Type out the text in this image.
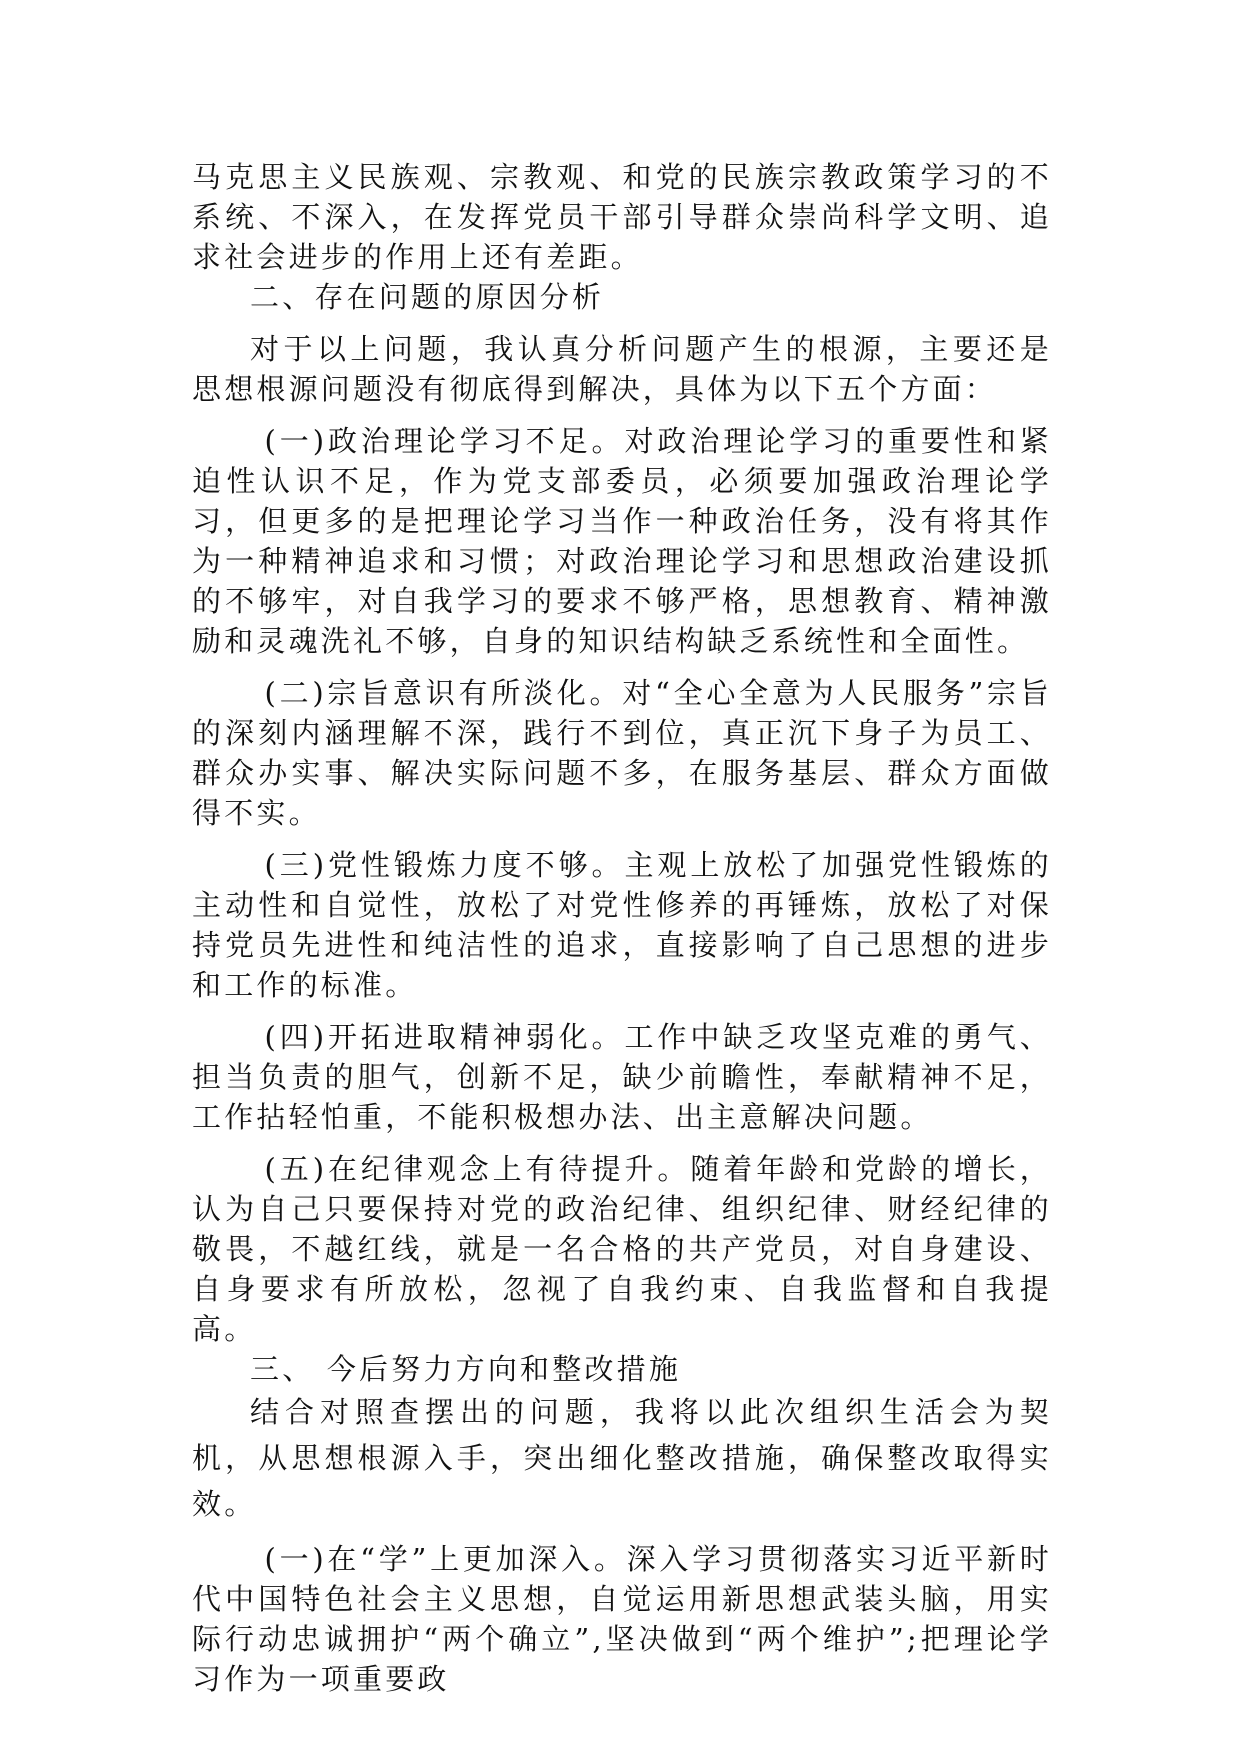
马克思主义民族观、宗教观、和党的民族宗教政策学习的不系统、不深入，在发挥党员干部引导群众崇尚科学文明、追求社会进步的作用上还有差距。

二、存在问题的原因分析

对于以上问题，我认真分析问题产生的根源，主要还是思想根源问题没有彻底得到解决，具体为以下五个方面：

(一)政治理论学习不足。对政治理论学习的重要性和紧迫性认识不足，作为党支部委员，必须要加强政治理论学习，但更多的是把理论学习当作一种政治任务，没有将其作为一种精神追求和习惯；对政治理论学习和思想政治建设抓的不够牢，对自我学习的要求不够严格，思想教育、精神激励和灵魂洗礼不够，自身的知识结构缺乏系统性和全面性。

(二)宗旨意识有所淡化。对“全心全意为人民服务”宗旨的深刻内涵理解不深，践行不到位，真正沉下身子为员工、群众办实事、解决实际问题不多，在服务基层、群众方面做得不实。

(三)党性锻炼力度不够。主观上放松了加强党性锻炼的主动性和自觉性，放松了对党性修养的再锤炼，放松了对保持党员先进性和纯洁性的追求，直接影响了自己思想的进步和工作的标准。

(四)开拓进取精神弱化。工作中缺乏攻坚克难的勇气、担当负责的胆气，创新不足，缺少前瞻性，奉献精神不足，工作拈轻怕重，不能积极想办法、出主意解决问题。

(五)在纪律观念上有待提升。随着年龄和党龄的增长，认为自己只要保持对党的政治纪律、组织纪律、财经纪律的敬畏，不越红线，就是一名合格的共产党员，对自身建设、自身要求有所放松，忽视了自我约束、自我监督和自我提高。

三、 今后努力方向和整改措施

结合对照查摆出的问题，我将以此次组织生活会为契机，从思想根源入手，突出细化整改措施，确保整改取得实效。

(一)在“学”上更加深入。深入学习贯彻落实习近平新时代中国特色社会主义思想，自觉运用新思想武装头脑，用实际行动忠诚拥护“两个确立”,坚决做到“两个维护”;把理论学习作为一项重要政
